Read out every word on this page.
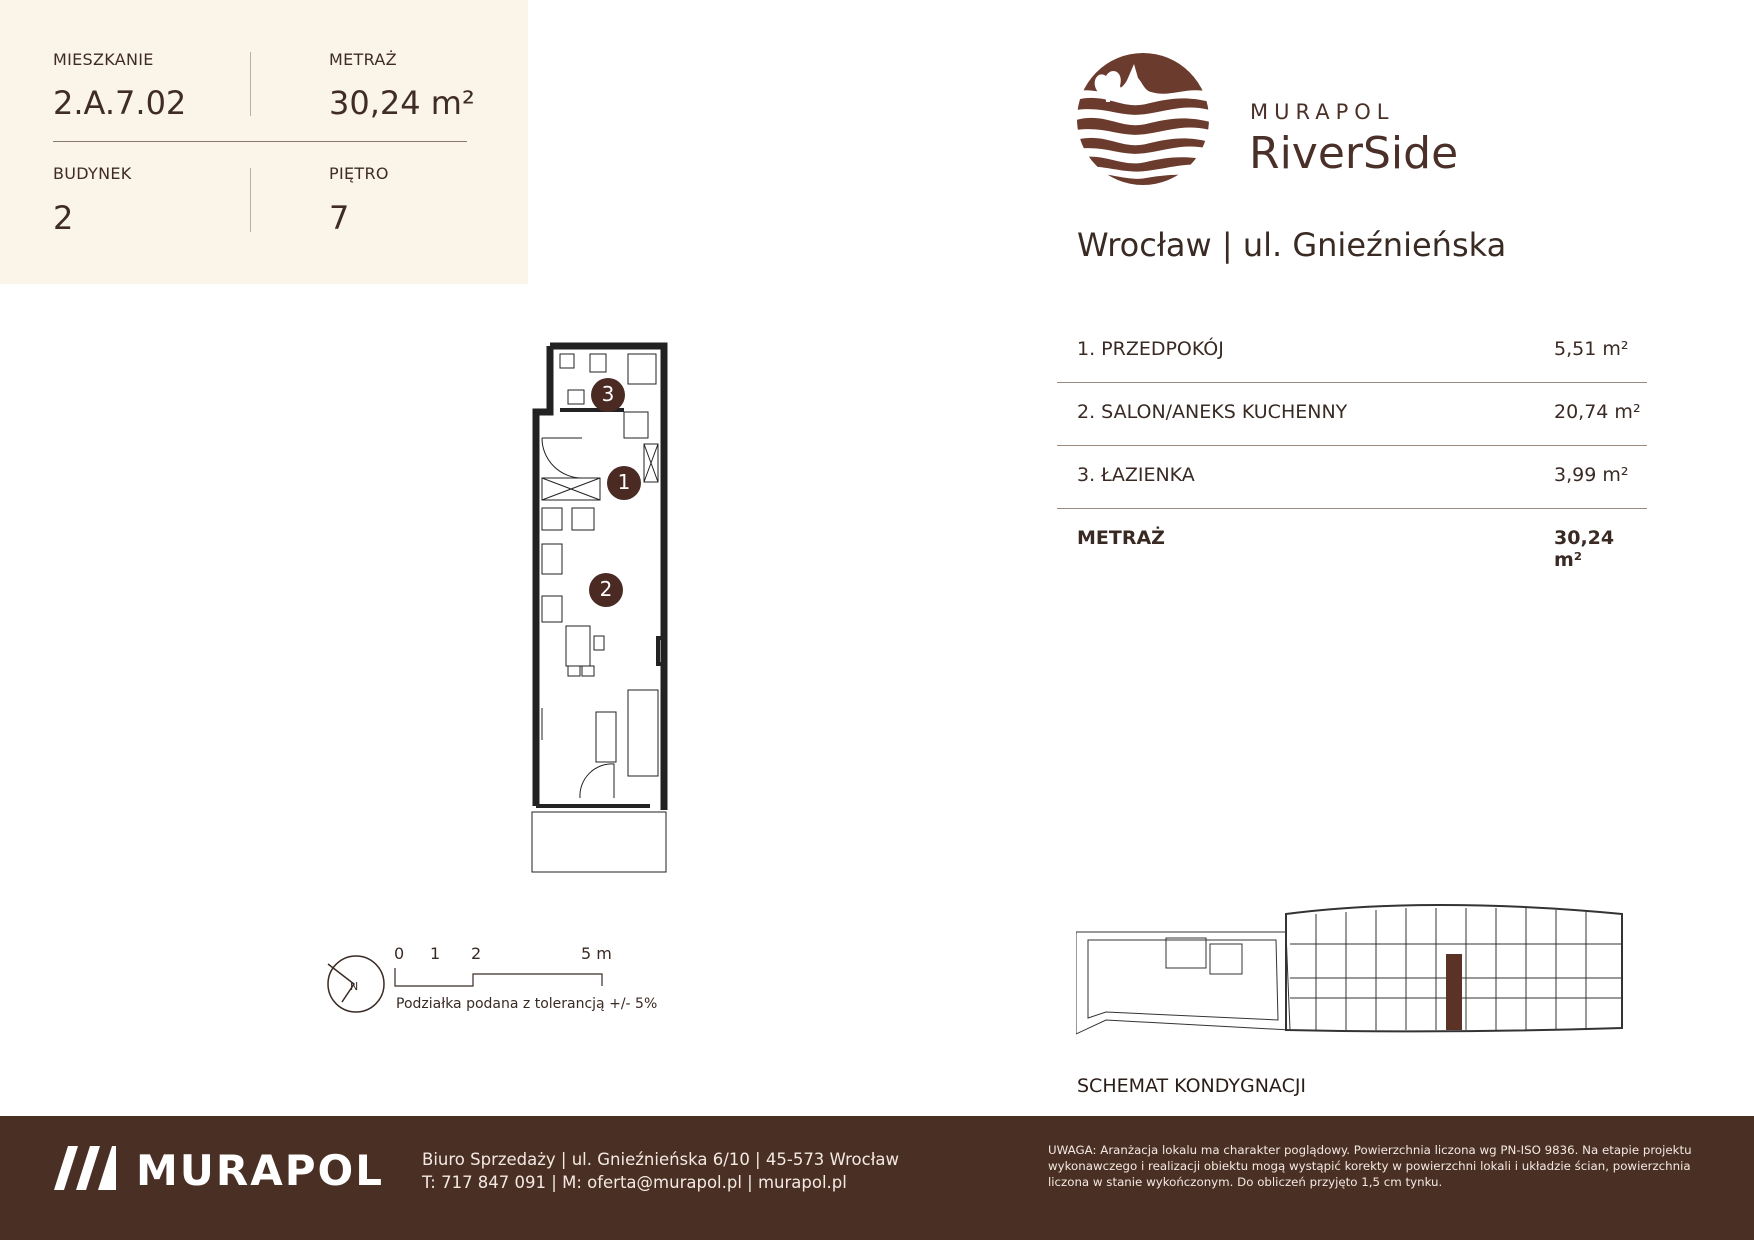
MIESZKANIE
2.A.7.02
METRAŻ
30,24 m²
BUDYNEK
2
PIĘTRO
7
MURAPOL
RiverSide
Wrocław | ul. Gnieźnieńska
1. PRZEDPOKÓJ	5,51 m²
2. SALON/ANEKS KUCHENNY	20,74 m²
3. ŁAZIENKA	3,99 m²
METRAŻ	30,24 m²
3
1
2
N
0 1 2	5 m
Podziałka podana z tolerancją +/- 5%
SCHEMAT KONDYGNACJI
MURAPOL Biuro Sprzedaży | ul. Gnieźnieńska 6/10 | 45-573 Wrocław
T: 717 847 091 | M: oferta@murapol.pl | murapol.pl
UWAGA: Aranżacja lokalu ma charakter poglądowy. Powierzchnia liczona wg PN-ISO 9836. Na etapie projektu wykonawczego i realizacji obiektu mogą wystąpić korekty w powierzchni lokali i układzie ścian, powierzchnia liczona w stanie wykończonym. Do obliczeń przyjęto 1,5 cm tynku.
